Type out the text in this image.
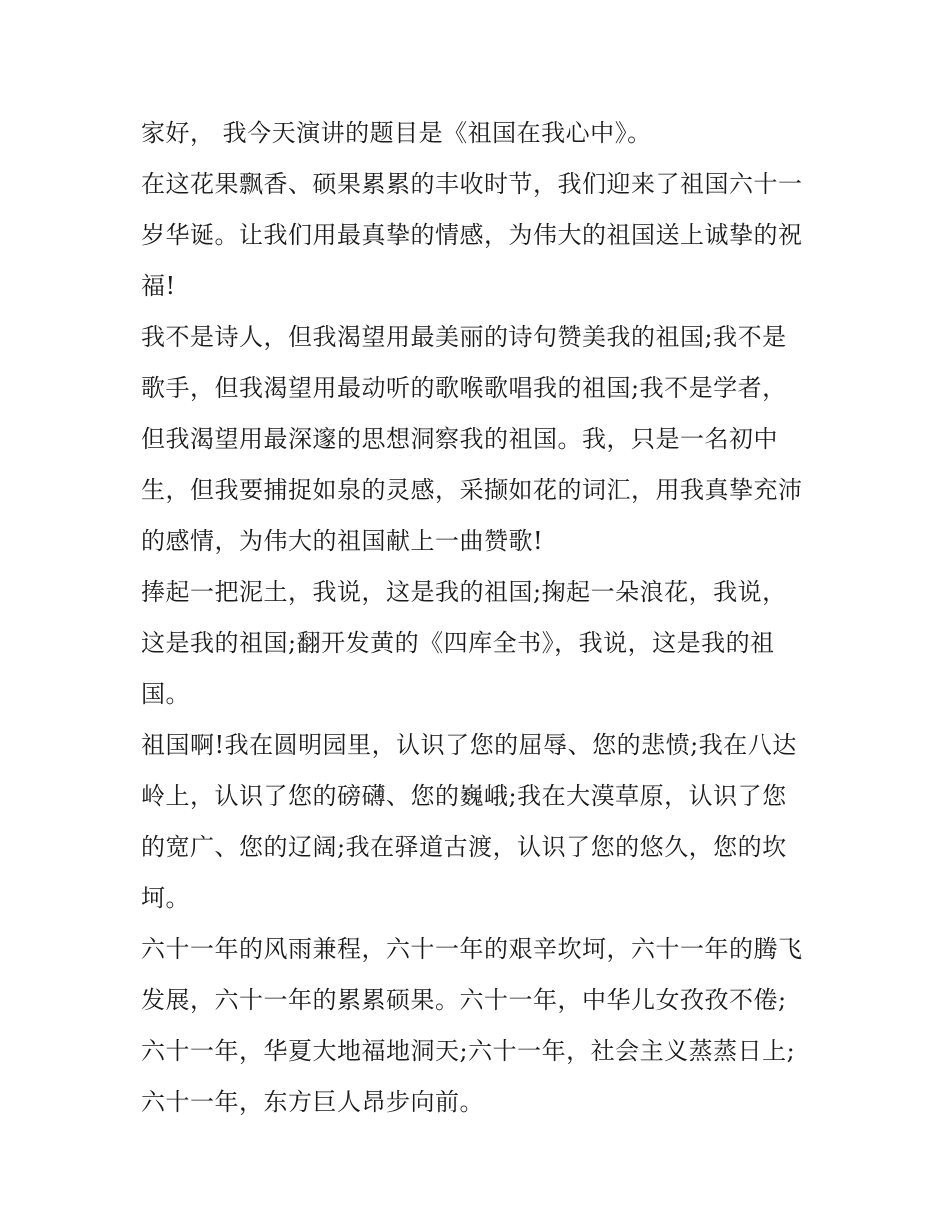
家好， 我今天演讲的题目是《祖国在我心中》。
在这花果飘香、硕果累累的丰收时节，我们迎来了祖国六十一
岁华诞。让我们用最真挚的情感，为伟大的祖国送上诚挚的祝
福!
我不是诗人，但我渴望用最美丽的诗句赞美我的祖国;我不是
歌手，但我渴望用最动听的歌喉歌唱我的祖国;我不是学者，
但我渴望用最深邃的思想洞察我的祖国。我，只是一名初中
生，但我要捕捉如泉的灵感，采撷如花的词汇，用我真挚充沛
的感情，为伟大的祖国献上一曲赞歌!
捧起一把泥土，我说，这是我的祖国;掬起一朵浪花，我说，
这是我的祖国;翻开发黄的《四库全书》，我说，这是我的祖
国。
祖国啊!我在圆明园里，认识了您的屈辱、您的悲愤;我在八达
岭上，认识了您的磅礴、您的巍峨;我在大漠草原，认识了您
的宽广、您的辽阔;我在驿道古渡，认识了您的悠久，您的坎
坷。
六十一年的风雨兼程，六十一年的艰辛坎坷，六十一年的腾飞
发展，六十一年的累累硕果。六十一年，中华儿女孜孜不倦;
六十一年，华夏大地福地洞天;六十一年，社会主义蒸蒸日上;
六十一年，东方巨人昂步向前。
